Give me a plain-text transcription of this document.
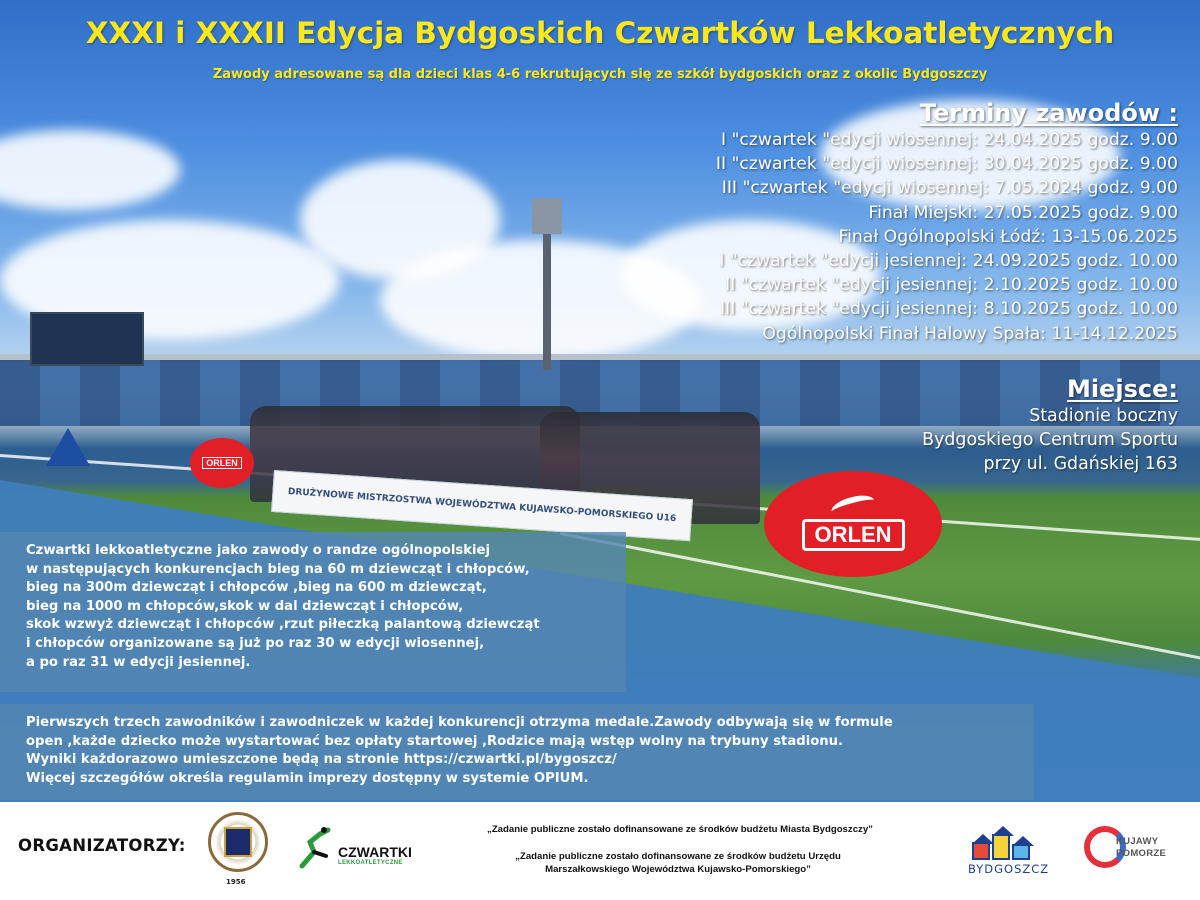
ORLEN
DRUŻYNOWE MISTRZOSTWA WOJEWÓDZTWA KUJAWSKO-POMORSKIEGO U16
ORLEN
XXXI i XXXII Edycja Bydgoskich Czwartków Lekkoatletycznych
Zawody adresowane są dla dzieci klas 4-6 rekrutujących się ze szkół bydgoskich oraz z okolic Bydgoszczy
Terminy zawodów :
I "czwartek "edycji wiosennej: 24.04.2025 godz. 9.00
II "czwartek "edycji wiosennej: 30.04.2025 godz. 9.00
III "czwartek "edycji wiosennej: 7.05.2024 godz. 9.00
Finał Miejski: 27.05.2025 godz. 9.00
Finał Ogólnopolski Łódź: 13-15.06.2025
I "czwartek "edycji jesiennej: 24.09.2025 godz. 10.00
II "czwartek "edycji jesiennej: 2.10.2025 godz. 10.00
III "czwartek "edycji jesiennej: 8.10.2025 godz. 10.00
Ogólnopolski Finał Halowy Spała: 11-14.12.2025
Miejsce:
Stadionie boczny
Bydgoskiego Centrum Sportu
przy ul. Gdańskiej 163

Czwartki lekkoatletyczne jako zawody o randze ogólnopolskiej

w następujących konkurencjach bieg na 60 m dziewcząt i chłopców,

bieg na 300m dziewcząt i chłopców ,bieg na 600 m dziewcząt,

bieg na 1000 m chłopców,skok w dal dziewcząt i chłopców,

skok wzwyż dziewcząt i chłopców ,rzut piłeczką palantową dziewcząt

i chłopców organizowane są już po raz 30 w edycji wiosennej,

a po raz 31 w edycji jesiennej.

Pierwszych trzech zawodników i zawodniczek w każdej konkurencji otrzyma medale.Zawody odbywają się w formule

open ,każde dziecko może wystartować bez opłaty startowej ,Rodzice mają wstęp wolny na trybuny stadionu.

Wyniki każdorazowo umieszczone będą na stronie https://czwartki.pl/bygoszcz/

Więcej szczegółów określa regulamin imprezy dostępny w systemie OPIUM.

ORGANIZATORZY:
1956
CZWARTKI
LEKKOATLETYCZNE
„Zadanie publiczne zostało dofinansowane ze środków budżetu Miasta Bydgoszczy”
„Zadanie publiczne zostało dofinansowane ze środków budżetu Urzędu
Marszałkowskiego Województwa Kujawsko-Pomorskiego”	BYDGOSZCZ
KUJAWY
POMORZE
